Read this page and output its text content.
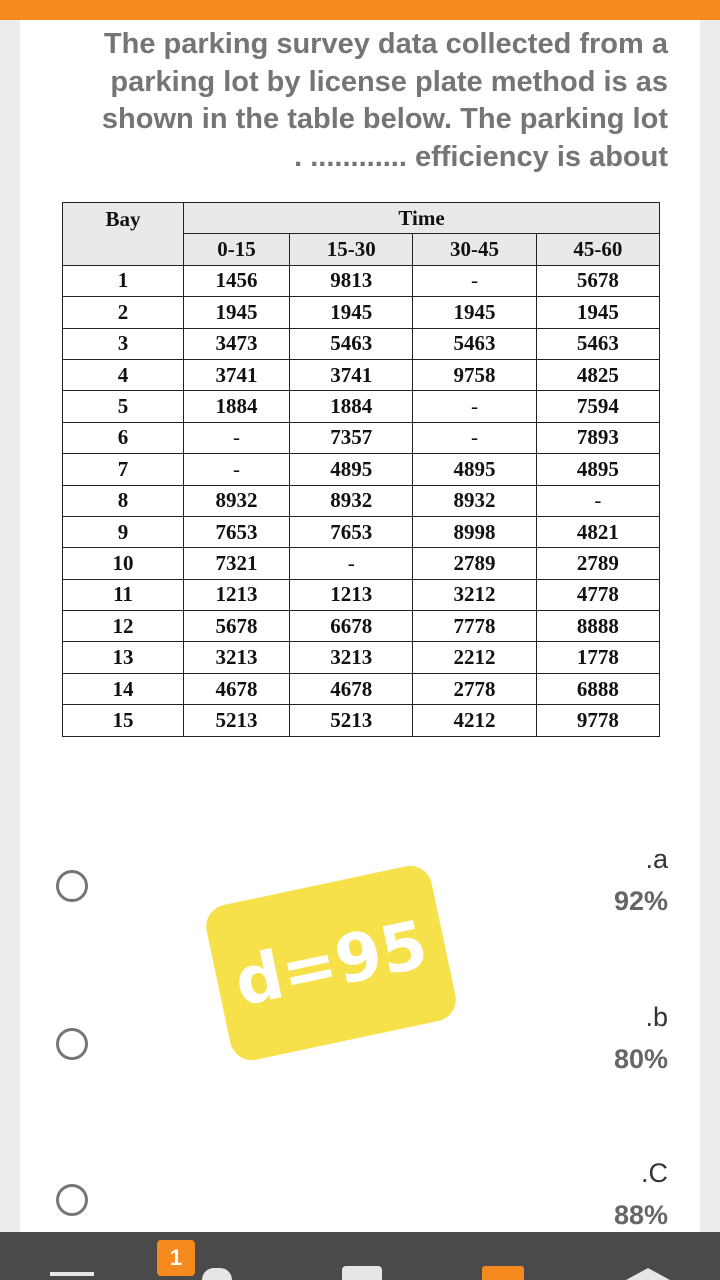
The parking survey data collected from a
parking lot by license plate method is as
shown in the table below. The parking lot
. ............ efficiency is about
Bay	Time			
	0-15	15-30	30-45	45-60
1	1456	9813	-	5678
2	1945	1945	1945	1945
3	3473	5463	5463	5463
4	3741	3741	9758	4825
5	1884	1884	-	7594
6	-	7357	-	7893
7	-	4895	4895	4895
8	8932	8932	8932	-
9	7653	7653	8998	4821
10	7321	-	2789	2789
11	1213	1213	3212	4778
12	5678	6678	7778	8888
13	3213	3213	2212	1778
14	4678	4678	2778	6888
15	5213	5213	4212	9778
.a
92%
.b
80%
.C
88%
d=95
1
